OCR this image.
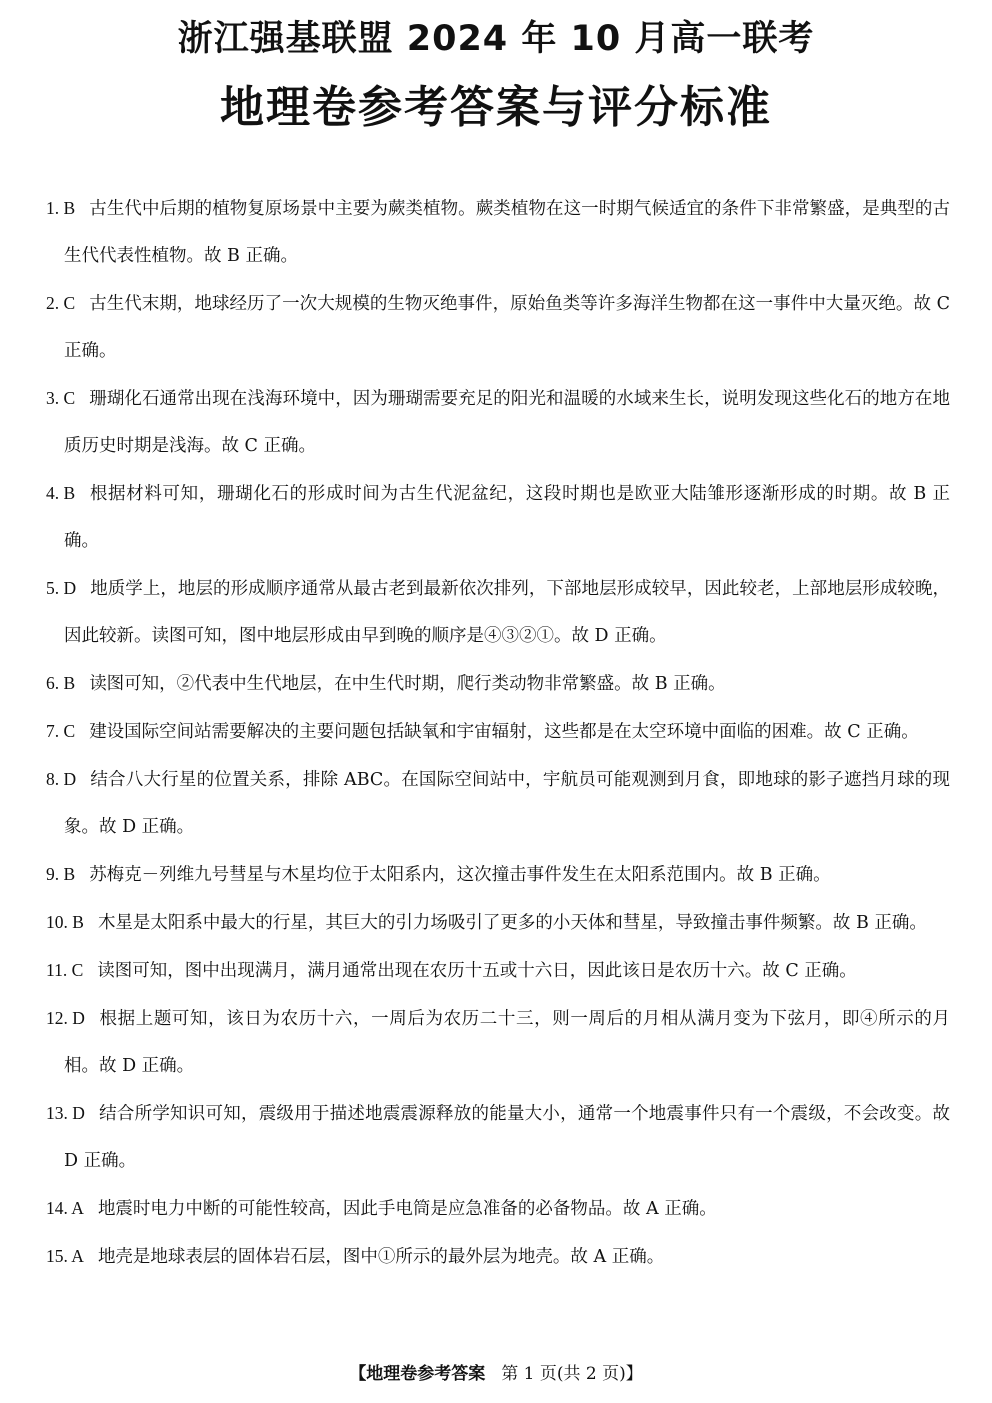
浙江强基联盟 2024 年 10 月高一联考
地理卷参考答案与评分标准
1. B 古生代中后期的植物复原场景中主要为蕨类植物。蕨类植物在这一时期气候适宜的条件下非常繁盛，是典型的古生代代表性植物。故 B 正确。
2. C 古生代末期，地球经历了一次大规模的生物灭绝事件，原始鱼类等许多海洋生物都在这一事件中大量灭绝。故 C 正确。
3. C 珊瑚化石通常出现在浅海环境中，因为珊瑚需要充足的阳光和温暖的水域来生长，说明发现这些化石的地方在地质历史时期是浅海。故 C 正确。
4. B 根据材料可知，珊瑚化石的形成时间为古生代泥盆纪，这段时期也是欧亚大陆雏形逐渐形成的时期。故 B 正确。
5. D 地质学上，地层的形成顺序通常从最古老到最新依次排列，下部地层形成较早，因此较老，上部地层形成较晚，因此较新。读图可知，图中地层形成由早到晚的顺序是④③②①。故 D 正确。
6. B 读图可知，②代表中生代地层，在中生代时期，爬行类动物非常繁盛。故 B 正确。
7. C 建设国际空间站需要解决的主要问题包括缺氧和宇宙辐射，这些都是在太空环境中面临的困难。故 C 正确。
8. D 结合八大行星的位置关系，排除 ABC。在国际空间站中，宇航员可能观测到月食，即地球的影子遮挡月球的现象。故 D 正确。
9. B 苏梅克－列维九号彗星与木星均位于太阳系内，这次撞击事件发生在太阳系范围内。故 B 正确。
10. B 木星是太阳系中最大的行星，其巨大的引力场吸引了更多的小天体和彗星，导致撞击事件频繁。故 B 正确。
11. C 读图可知，图中出现满月，满月通常出现在农历十五或十六日，因此该日是农历十六。故 C 正确。
12. D 根据上题可知，该日为农历十六，一周后为农历二十三，则一周后的月相从满月变为下弦月，即④所示的月相。故 D 正确。
13. D 结合所学知识可知，震级用于描述地震震源释放的能量大小，通常一个地震事件只有一个震级，不会改变。故 D 正确。
14. A 地震时电力中断的可能性较高，因此手电筒是应急准备的必备物品。故 A 正确。
15. A 地壳是地球表层的固体岩石层，图中①所示的最外层为地壳。故 A 正确。
【地理卷参考答案 第 1 页(共 2 页)】
